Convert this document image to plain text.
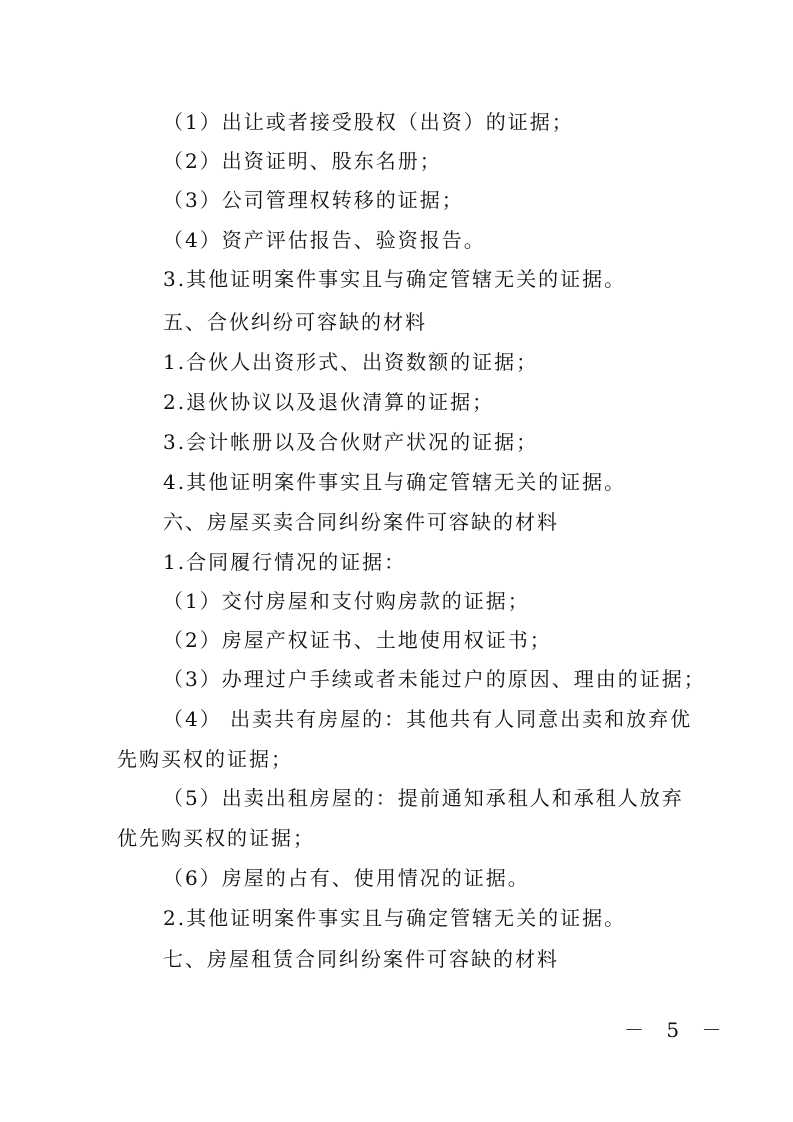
（1）出让或者接受股权（出资）的证据；
（2）出资证明、股东名册；
（3）公司管理权转移的证据；
（4）资产评估报告、验资报告。
3.其他证明案件事实且与确定管辖无关的证据。
五、合伙纠纷可容缺的材料
1.合伙人出资形式、出资数额的证据；
2.退伙协议以及退伙清算的证据；
3.会计帐册以及合伙财产状况的证据；
4.其他证明案件事实且与确定管辖无关的证据。
六、房屋买卖合同纠纷案件可容缺的材料
1.合同履行情况的证据：
（1）交付房屋和支付购房款的证据；
（2）房屋产权证书、土地使用权证书；
（3）办理过户手续或者未能过户的原因、理由的证据；
（4） 出卖共有房屋的：其他共有人同意出卖和放弃优
先购买权的证据；
（5）出卖出租房屋的：提前通知承租人和承租人放弃
优先购买权的证据；
（6）房屋的占有、使用情况的证据。
2.其他证明案件事实且与确定管辖无关的证据。
七、房屋租赁合同纠纷案件可容缺的材料
－ 5 －
